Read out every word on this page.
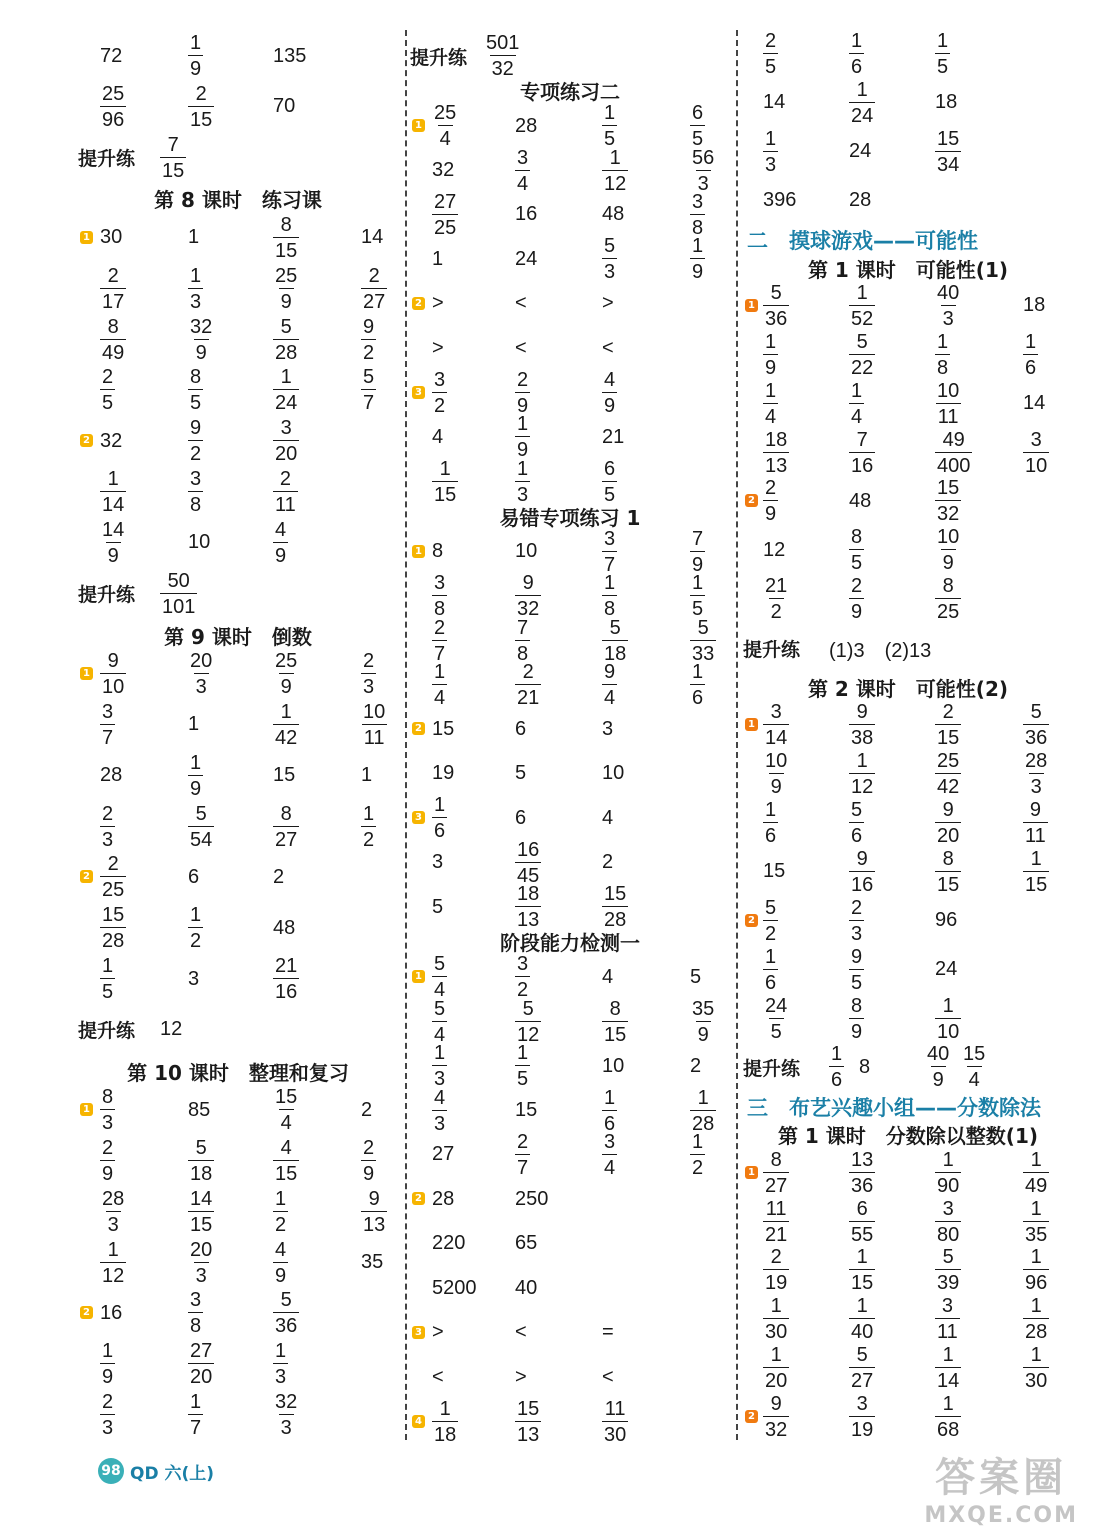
72	$\frac{1}{9}$	135
$\frac{25}{96}$	$\frac{2}{15}$	70
提升练 $\frac{7}{15}$
第 8 课时　练习课
1 30	1	$\frac{8}{15}$	14
$\frac{2}{17}$	$\frac{1}{3}$	$\frac{25}{9}$	$\frac{2}{27}$
$\frac{8}{49}$	$\frac{32}{9}$	$\frac{5}{28}$	$\frac{9}{2}$
$\frac{2}{5}$	$\frac{8}{5}$	$\frac{1}{24}$	$\frac{5}{7}$
2 32	$\frac{9}{2}$	$\frac{3}{20}$
$\frac{1}{14}$	$\frac{3}{8}$	$\frac{2}{11}$
$\frac{14}{9}$	10	$\frac{4}{9}$
提升练 $\frac{50}{101}$
第 9 课时　倒数
$1 \frac{9}{10}$	$\frac{20}{3}$	$\frac{25}{9}$	$\frac{2}{3}$
$\frac{3}{7}$	1	$\frac{1}{42}$	$\frac{10}{11}$
28	$\frac{1}{9}$	15	1
$\frac{2}{3}$	$\frac{5}{54}$	$\frac{8}{27}$	$\frac{1}{2}$
$2 \frac{2}{25}$	6	2
$\frac{15}{28}$	$\frac{1}{2}$	48
$\frac{1}{5}$	3	$\frac{21}{16}$
提升练 12
第 10 课时　整理和复习
$1 \frac{8}{3}$	85	$\frac{15}{4}$	2
$\frac{2}{9}$	$\frac{5}{18}$	$\frac{4}{15}$	$\frac{2}{9}$
$\frac{28}{3}$	$\frac{14}{15}$	$\frac{1}{2}$	$\frac{9}{13}$
$\frac{1}{12}$	$\frac{20}{3}$	$\frac{4}{9}$	35
2 16	$\frac{3}{8}$	$\frac{5}{36}$
$\frac{1}{9}$	$\frac{27}{20}$	$\frac{1}{3}$
$\frac{2}{3}$	$\frac{1}{7}$	$\frac{32}{3}$
提升练 $\frac{501}{32}$
专项练习二
$1 \frac{25}{4}$	28	$\frac{1}{5}$	$\frac{6}{5}$
32	$\frac{3}{4}$	$\frac{1}{12}$	$\frac{56}{3}$
$\frac{27}{25}$	16	48	$\frac{3}{8}$
1	24	$\frac{5}{3}$	$\frac{1}{9}$
2 >	<	>
>	<	<
$3 \frac{3}{2}$	$\frac{2}{9}$	$\frac{4}{9}$
4	$\frac{1}{9}$	21
$\frac{1}{15}$	$\frac{1}{3}$	$\frac{6}{5}$
易错专项练习 1
1 8	10	$\frac{3}{7}$	$\frac{7}{9}$
$\frac{3}{8}$	$\frac{9}{32}$	$\frac{1}{8}$	$\frac{1}{5}$
$\frac{2}{7}$	$\frac{7}{8}$	$\frac{5}{18}$	$\frac{5}{33}$
$\frac{1}{4}$	$\frac{2}{21}$	$\frac{9}{4}$	$\frac{1}{6}$
2 15	6	3
19	5	10
$3 \frac{1}{6}$	6	4
3	$\frac{16}{45}$	2
5	$\frac{18}{13}$	$\frac{15}{28}$
阶段能力检测一
$1 \frac{5}{4}$	$\frac{3}{2}$	4	5
$\frac{5}{4}$	$\frac{5}{12}$	$\frac{8}{15}$	$\frac{35}{9}$
$\frac{1}{3}$	$\frac{1}{5}$	10	2
$\frac{4}{3}$	15	$\frac{1}{6}$	$\frac{1}{28}$
27	$\frac{2}{7}$	$\frac{3}{4}$	$\frac{1}{2}$
2 28	250
220 65
5200 40
3 >	<	=
<	>	<
$4 \frac{1}{18}$	$\frac{15}{13}$	$\frac{11}{30}$
$\frac{2}{5}$	$\frac{1}{6}$	$\frac{1}{5}$
14	$\frac{1}{24}$	18
$\frac{1}{3}$	24	$\frac{15}{34}$
396	28
二　摸球游戏——可能性
第 1 课时　可能性(1)
$1 \frac{5}{36}$	$\frac{1}{52}$	$\frac{40}{3}$	18
$\frac{1}{9}$	$\frac{5}{22}$	$\frac{1}{8}$	$\frac{1}{6}$
$\frac{1}{4}$	$\frac{1}{4}$	$\frac{10}{11}$	14
$\frac{18}{13}$	$\frac{7}{16}$	$\frac{49}{400}$	$\frac{3}{10}$
$2 \frac{2}{9}$	48	$\frac{15}{32}$
12	$\frac{8}{5}$	$\frac{10}{9}$
$\frac{21}{2}$	$\frac{2}{9}$	$\frac{8}{25}$
提升练 (1)3　(2)13
第 2 课时　可能性(2)
$1 \frac{3}{14}$	$\frac{9}{38}$	$\frac{2}{15}$	$\frac{5}{36}$
$\frac{10}{9}$	$\frac{1}{12}$	$\frac{25}{42}$	$\frac{28}{3}$
$\frac{1}{6}$	$\frac{5}{6}$	$\frac{9}{20}$	$\frac{9}{11}$
15	$\frac{9}{16}$	$\frac{8}{15}$	$\frac{1}{15}$
$2 \frac{5}{2}$	$\frac{2}{3}$	96
$\frac{1}{6}$	$\frac{9}{5}$	24
$\frac{24}{5}$	$\frac{8}{9}$	$\frac{1}{10}$
提升练 $\frac{1}{6} 8$	$\frac{40}{9} \frac{15}{4}$
三　布艺兴趣小组——分数除法
第 1 课时　分数除以整数(1)
$1 \frac{8}{27}$	$\frac{13}{36}$	$\frac{1}{90}$	$\frac{1}{49}$
$\frac{11}{21}$	$\frac{6}{55}$	$\frac{3}{80}$	$\frac{1}{35}$
$\frac{2}{19}$	$\frac{1}{15}$	$\frac{5}{39}$	$\frac{1}{96}$
$\frac{1}{30}$	$\frac{1}{40}$	$\frac{3}{11}$	$\frac{1}{28}$
$\frac{1}{20}$	$\frac{5}{27}$	$\frac{1}{14}$	$\frac{1}{30}$
$2 \frac{9}{32}$	$\frac{3}{19}$	$\frac{1}{68}$
98 QD 六(上)	答案圈
MXQE.COM
